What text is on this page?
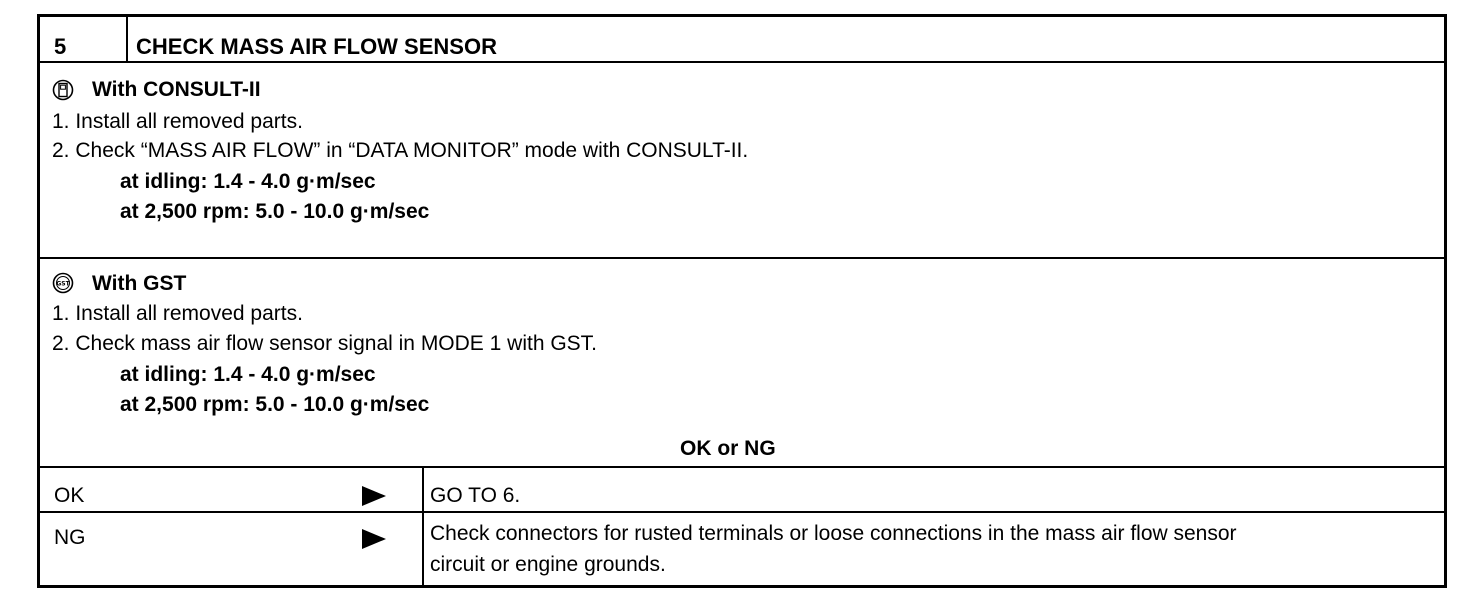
5	CHECK MASS AIR FLOW SENSOR
With CONSULT-II
1. Install all removed parts.
2. Check “MASS AIR FLOW” in “DATA MONITOR” mode with CONSULT-II.
at idling: 1.4 - 4.0 g·m/sec
at 2,500 rpm: 5.0 - 10.0 g·m/sec
GST With GST
1. Install all removed parts.
2. Check mass air flow sensor signal in MODE 1 with GST.
at idling: 1.4 - 4.0 g·m/sec
at 2,500 rpm: 5.0 - 10.0 g·m/sec
OK or NG
OK	GO TO 6.
NG	Check connectors for rusted terminals or loose connections in the mass air flow sensor
circuit or engine grounds.
